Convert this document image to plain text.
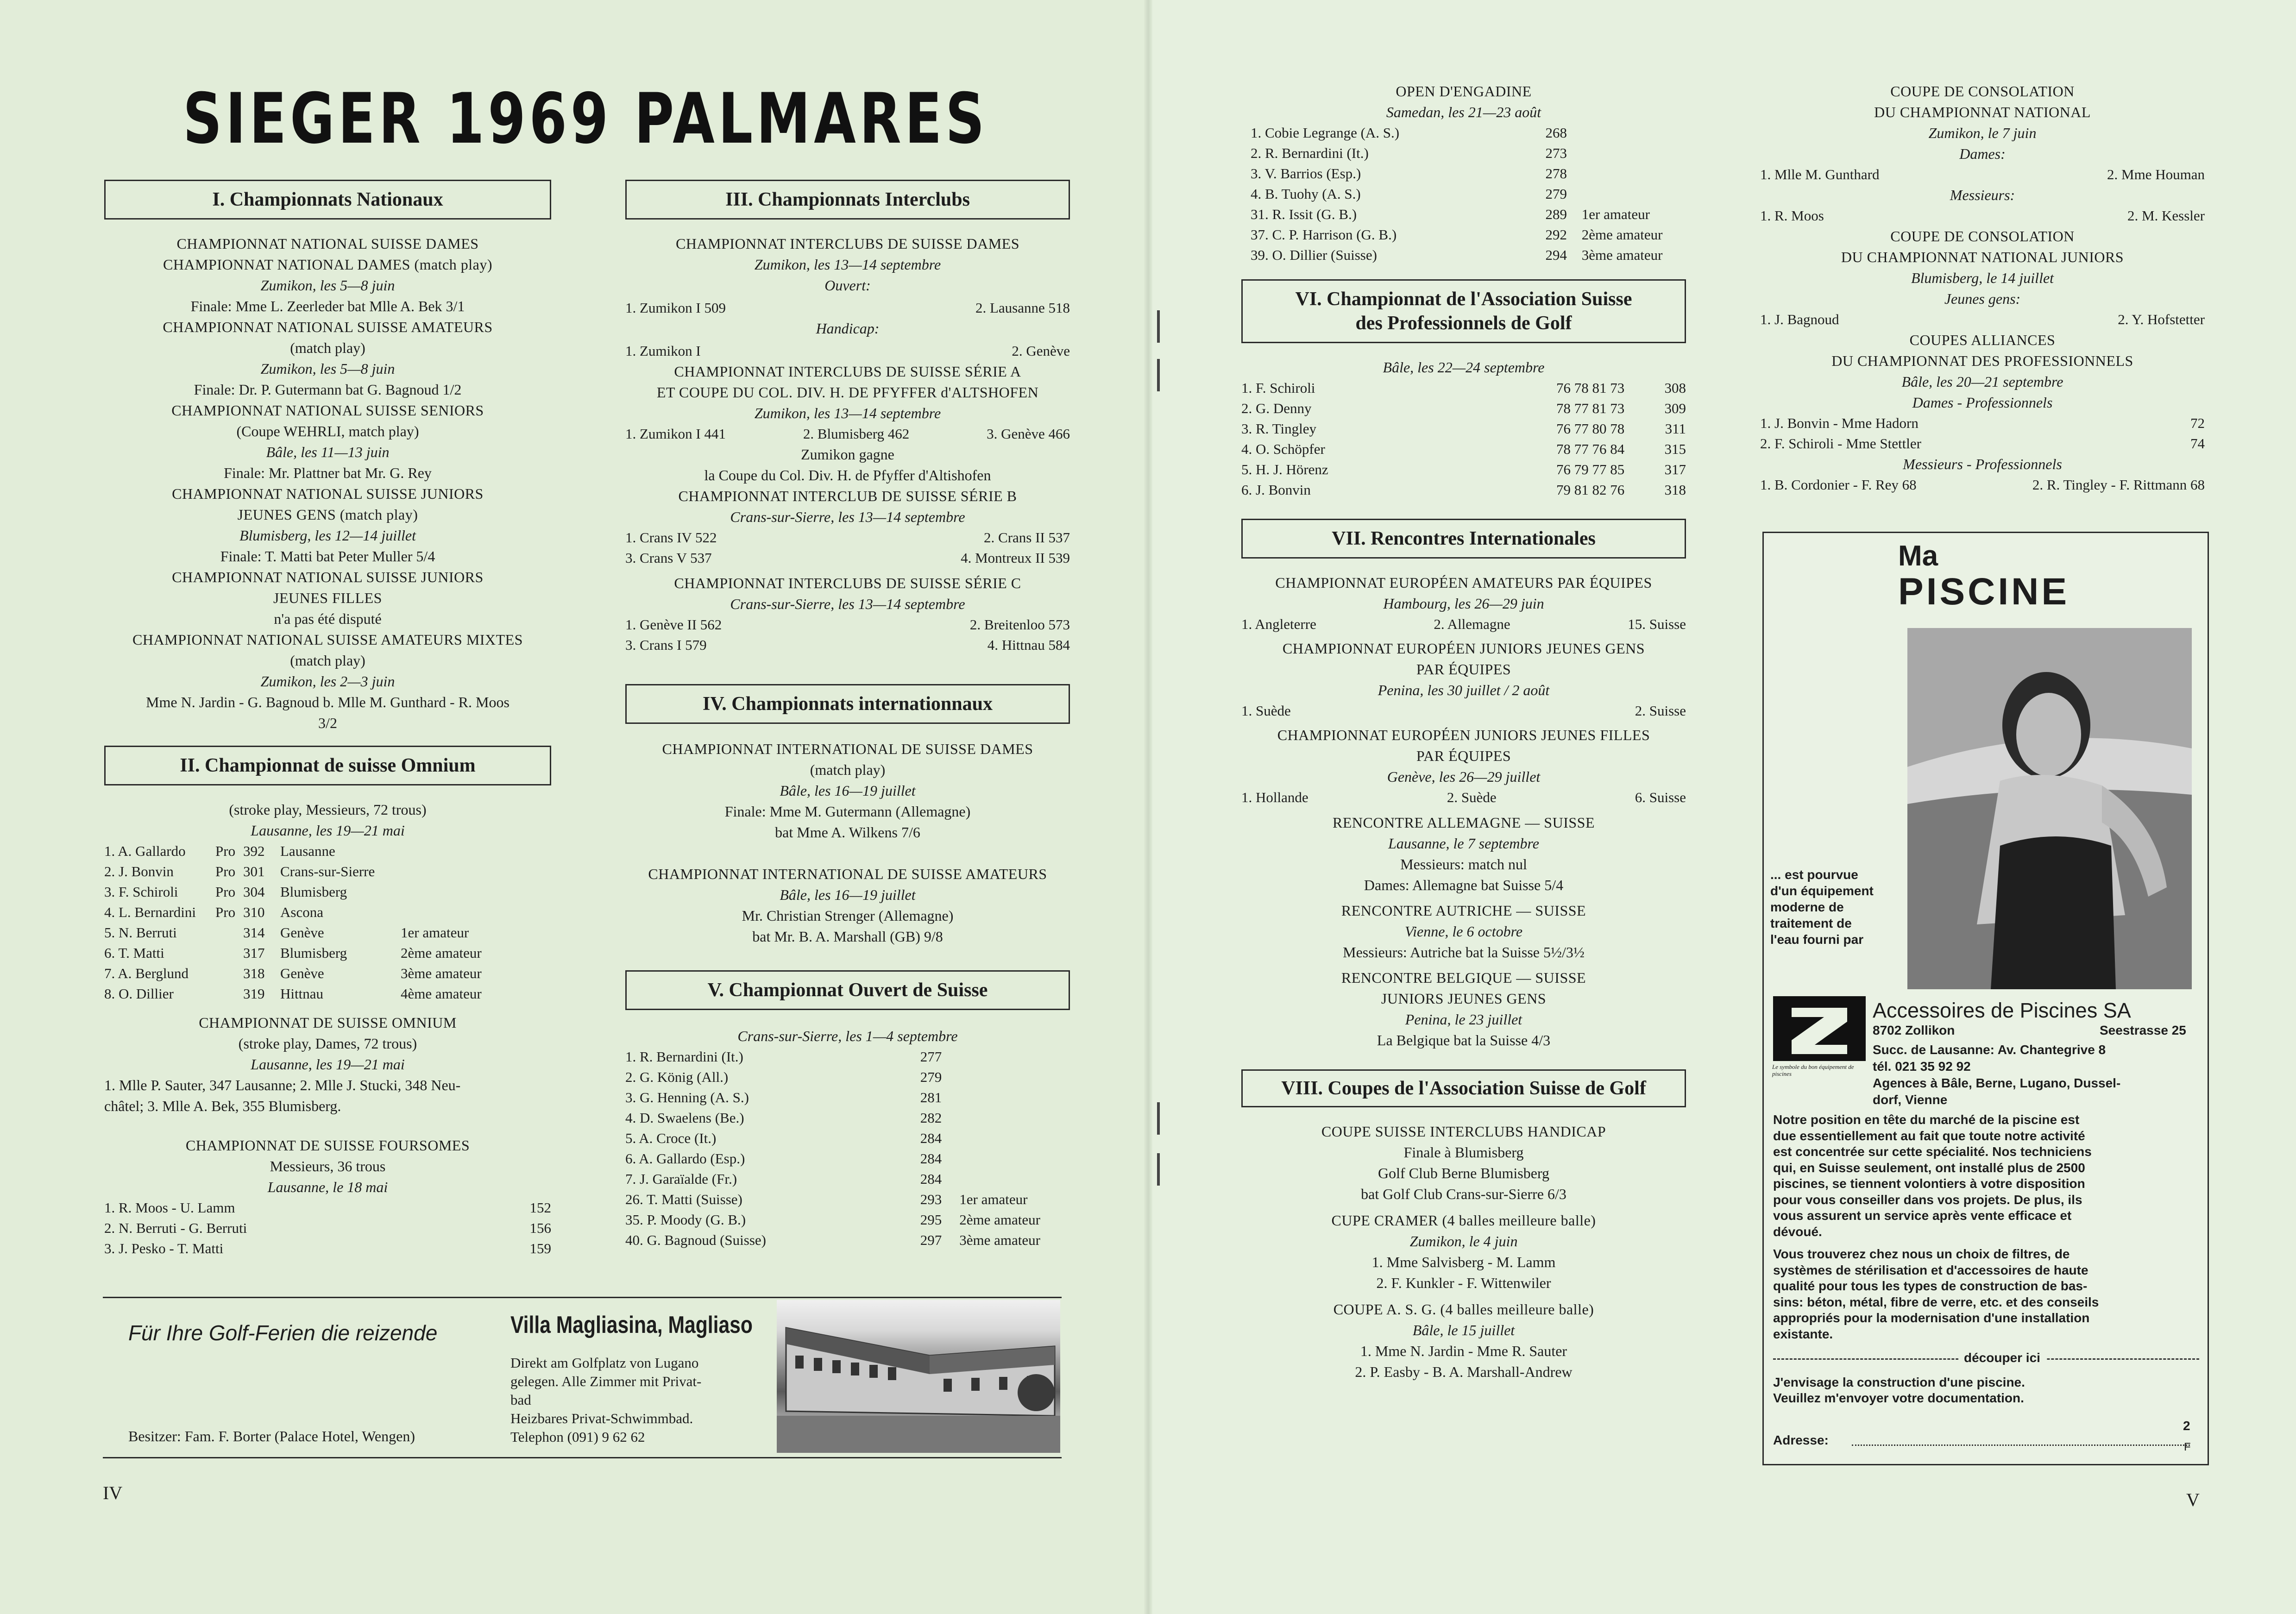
SIEGER 1969 PALMARES
I. Championnats Nationaux
CHAMPIONNAT NATIONAL SUISSE DAMES
CHAMPIONNAT NATIONAL DAMES (match play)
Zumikon, les 5—8 juin
Finale: Mme L. Zeerleder bat Mlle A. Bek 3/1
CHAMPIONNAT NATIONAL SUISSE AMATEURS
(match play)
Zumikon, les 5—8 juin
Finale: Dr. P. Gutermann bat G. Bagnoud 1/2
CHAMPIONNAT NATIONAL SUISSE SENIORS
(Coupe WEHRLI, match play)
Bâle, les 11—13 juin
Finale: Mr. Plattner bat Mr. G. Rey
CHAMPIONNAT NATIONAL SUISSE JUNIORS
JEUNES GENS (match play)
Blumisberg, les 12—14 juillet
Finale: T. Matti bat Peter Muller 5/4
CHAMPIONNAT NATIONAL SUISSE JUNIORS
JEUNES FILLES
n'a pas été disputé
CHAMPIONNAT NATIONAL SUISSE AMATEURS MIXTES
(match play)
Zumikon, les 2—3 juin
Mme N. Jardin - G. Bagnoud b. Mlle M. Gunthard - R. Moos
3/2
II. Championnat de suisse Omnium
(stroke play, Messieurs, 72 trous)
Lausanne, les 19—21 mai
1. A. Gallardo	Pro 392	Lausanne
2. J. Bonvin	Pro 301	Crans-sur-Sierre
3. F. Schiroli	Pro 304	Blumisberg
4. L. Bernardini	Pro 310	Ascona
5. N. Berruti	314	Genève	1er amateur
6. T. Matti	317	Blumisberg	2ème amateur
7. A. Berglund	318	Genève	3ème amateur
8. O. Dillier	319	Hittnau	4ème amateur
CHAMPIONNAT DE SUISSE OMNIUM
(stroke play, Dames, 72 trous)
Lausanne, les 19—21 mai
1. Mlle P. Sauter, 347 Lausanne; 2. Mlle J. Stucki, 348 Neu-
châtel; 3. Mlle A. Bek, 355 Blumisberg.
CHAMPIONNAT DE SUISSE FOURSOMES
Messieurs, 36 trous
Lausanne, le 18 mai
1. R. Moos - U. Lamm	152
2. N. Berruti - G. Berruti	156
3. J. Pesko - T. Matti	159
III. Championnats Interclubs
CHAMPIONNAT INTERCLUBS DE SUISSE DAMES
Zumikon, les 13—14 septembre
Ouvert:
1. Zumikon I 509	2. Lausanne 518
Handicap:
1. Zumikon I	2. Genève
CHAMPIONNAT INTERCLUBS DE SUISSE SÉRIE A
ET COUPE DU COL. DIV. H. DE PFYFFER d'ALTSHOFEN
Zumikon, les 13—14 septembre
1. Zumikon I 441	2. Blumisberg 462	3. Genève 466
Zumikon gagne
la Coupe du Col. Div. H. de Pfyffer d'Altishofen
CHAMPIONNAT INTERCLUB DE SUISSE SÉRIE B
Crans-sur-Sierre, les 13—14 septembre
1. Crans IV 522	2. Crans II 537
3. Crans V 537	4. Montreux II 539
CHAMPIONNAT INTERCLUBS DE SUISSE SÉRIE C
Crans-sur-Sierre, les 13—14 septembre
1. Genève II 562	2. Breitenloo 573
3. Crans I 579	4. Hittnau 584
IV. Championnats internationnaux
CHAMPIONNAT INTERNATIONAL DE SUISSE DAMES
(match play)
Bâle, les 16—19 juillet
Finale: Mme M. Gutermann (Allemagne)
bat Mme A. Wilkens 7/6
CHAMPIONNAT INTERNATIONAL DE SUISSE AMATEURS
Bâle, les 16—19 juillet
Mr. Christian Strenger (Allemagne)
bat Mr. B. A. Marshall (GB) 9/8
V. Championnat Ouvert de Suisse
Crans-sur-Sierre, les 1—4 septembre
1. R. Bernardini (It.)	277
2. G. König (All.)	279
3. G. Henning (A. S.)	281
4. D. Swaelens (Be.)	282
5. A. Croce (It.)	284
6. A. Gallardo (Esp.)	284
7. J. Garaïalde (Fr.)	284
26. T. Matti (Suisse)	293	1er amateur
35. P. Moody (G. B.)	295	2ème amateur
40. G. Bagnoud (Suisse)	297	3ème amateur
Für Ihre Golf-Ferien die reizende	Villa Magliasina, Magliaso
Direkt am Golfplatz von Lugano
gelegen. Alle Zimmer mit Privat-
bad
Heizbares Privat-Schwimmbad.
Telephon (091) 9 62 62
Besitzer: Fam. F. Borter (Palace Hotel, Wengen)
IV
OPEN D'ENGADINE
Samedan, les 21—23 août
1. Cobie Legrange (A. S.)	268
2. R. Bernardini (It.)	273
3. V. Barrios (Esp.)	278
4. B. Tuohy (A. S.)	279
31. R. Issit (G. B.)	289	1er amateur
37. C. P. Harrison (G. B.)	292	2ème amateur
39. O. Dillier (Suisse)	294	3ème amateur
VI. Championnat de l'Association Suisse
des Professionnels de Golf
Bâle, les 22—24 septembre
1. F. Schiroli	76 78 81 73	308
2. G. Denny	78 77 81 73	309
3. R. Tingley	76 77 80 78	311
4. O. Schöpfer	78 77 76 84	315
5. H. J. Hörenz	76 79 77 85	317
6. J. Bonvin	79 81 82 76	318
VII. Rencontres Internationales
CHAMPIONNAT EUROPÉEN AMATEURS PAR ÉQUIPES
Hambourg, les 26—29 juin
1. Angleterre	2. Allemagne	15. Suisse
CHAMPIONNAT EUROPÉEN JUNIORS JEUNES GENS
PAR ÉQUIPES
Penina, les 30 juillet / 2 août
1. Suède	2. Suisse
CHAMPIONNAT EUROPÉEN JUNIORS JEUNES FILLES
PAR ÉQUIPES
Genève, les 26—29 juillet
1. Hollande	2. Suède	6. Suisse
RENCONTRE ALLEMAGNE — SUISSE
Lausanne, le 7 septembre
Messieurs: match nul
Dames: Allemagne bat Suisse 5/4
RENCONTRE AUTRICHE — SUISSE
Vienne, le 6 octobre
Messieurs: Autriche bat la Suisse 5½/3½
RENCONTRE BELGIQUE — SUISSE
JUNIORS JEUNES GENS
Penina, le 23 juillet
La Belgique bat la Suisse 4/3
VIII. Coupes de l'Association Suisse de Golf
COUPE SUISSE INTERCLUBS HANDICAP
Finale à Blumisberg
Golf Club Berne Blumisberg
bat Golf Club Crans-sur-Sierre 6/3
CUPE CRAMER (4 balles meilleure balle)
Zumikon, le 4 juin
1. Mme Salvisberg - M. Lamm
2. F. Kunkler - F. Wittenwiler
COUPE A. S. G. (4 balles meilleure balle)
Bâle, le 15 juillet
1. Mme N. Jardin - Mme R. Sauter
2. P. Easby - B. A. Marshall-Andrew
COUPE DE CONSOLATION
DU CHAMPIONNAT NATIONAL
Zumikon, le 7 juin
Dames:
1. Mlle M. Gunthard	2. Mme Houman
Messieurs:
1. R. Moos	2. M. Kessler
COUPE DE CONSOLATION
DU CHAMPIONNAT NATIONAL JUNIORS
Blumisberg, le 14 juillet
Jeunes gens:
1. J. Bagnoud	2. Y. Hofstetter
COUPES ALLIANCES
DU CHAMPIONNAT DES PROFESSIONNELS
Bâle, les 20—21 septembre
Dames - Professionnels
1. J. Bonvin - Mme Hadorn	72
2. F. Schiroli - Mme Stettler	74
Messieurs - Professionnels
1. B. Cordonier - F. Rey 68	2. R. Tingley - F. Rittmann 68
Ma
PISCINE
... est pourvue
d'un équipement
moderne de
traitement de
l'eau fourni par
Le symbole du bon équipement de piscines
Accessoires de Piscines SA
8702 Zollikon	Seestrasse 25
Succ. de Lausanne: Av. Chantegrive 8
tél. 021 35 92 92
Agences à Bâle, Berne, Lugano, Dussel-
dorf, Vienne
Notre position en tête du marché de la piscine est
due essentiellement au fait que toute notre activité
est concentrée sur cette spécialité. Nos techniciens
qui, en Suisse seulement, ont installé plus de 2500
piscines, se tiennent volontiers à votre disposition
pour vous conseiller dans vos projets. De plus, ils
vous assurent un service après vente efficace et
dévoué.
Vous trouverez chez nous un choix de filtres, de
systèmes de stérilisation et d'accessoires de haute
qualité pour tous les types de construction de bas-
sins: béton, métal, fibre de verre, etc. et des conseils
appropriés pour la modernisation d'une installation
existante.
découper ici
J'envisage la construction d'une piscine.
Veuillez m'envoyer votre documentation.
2
Adresse:	F
V
